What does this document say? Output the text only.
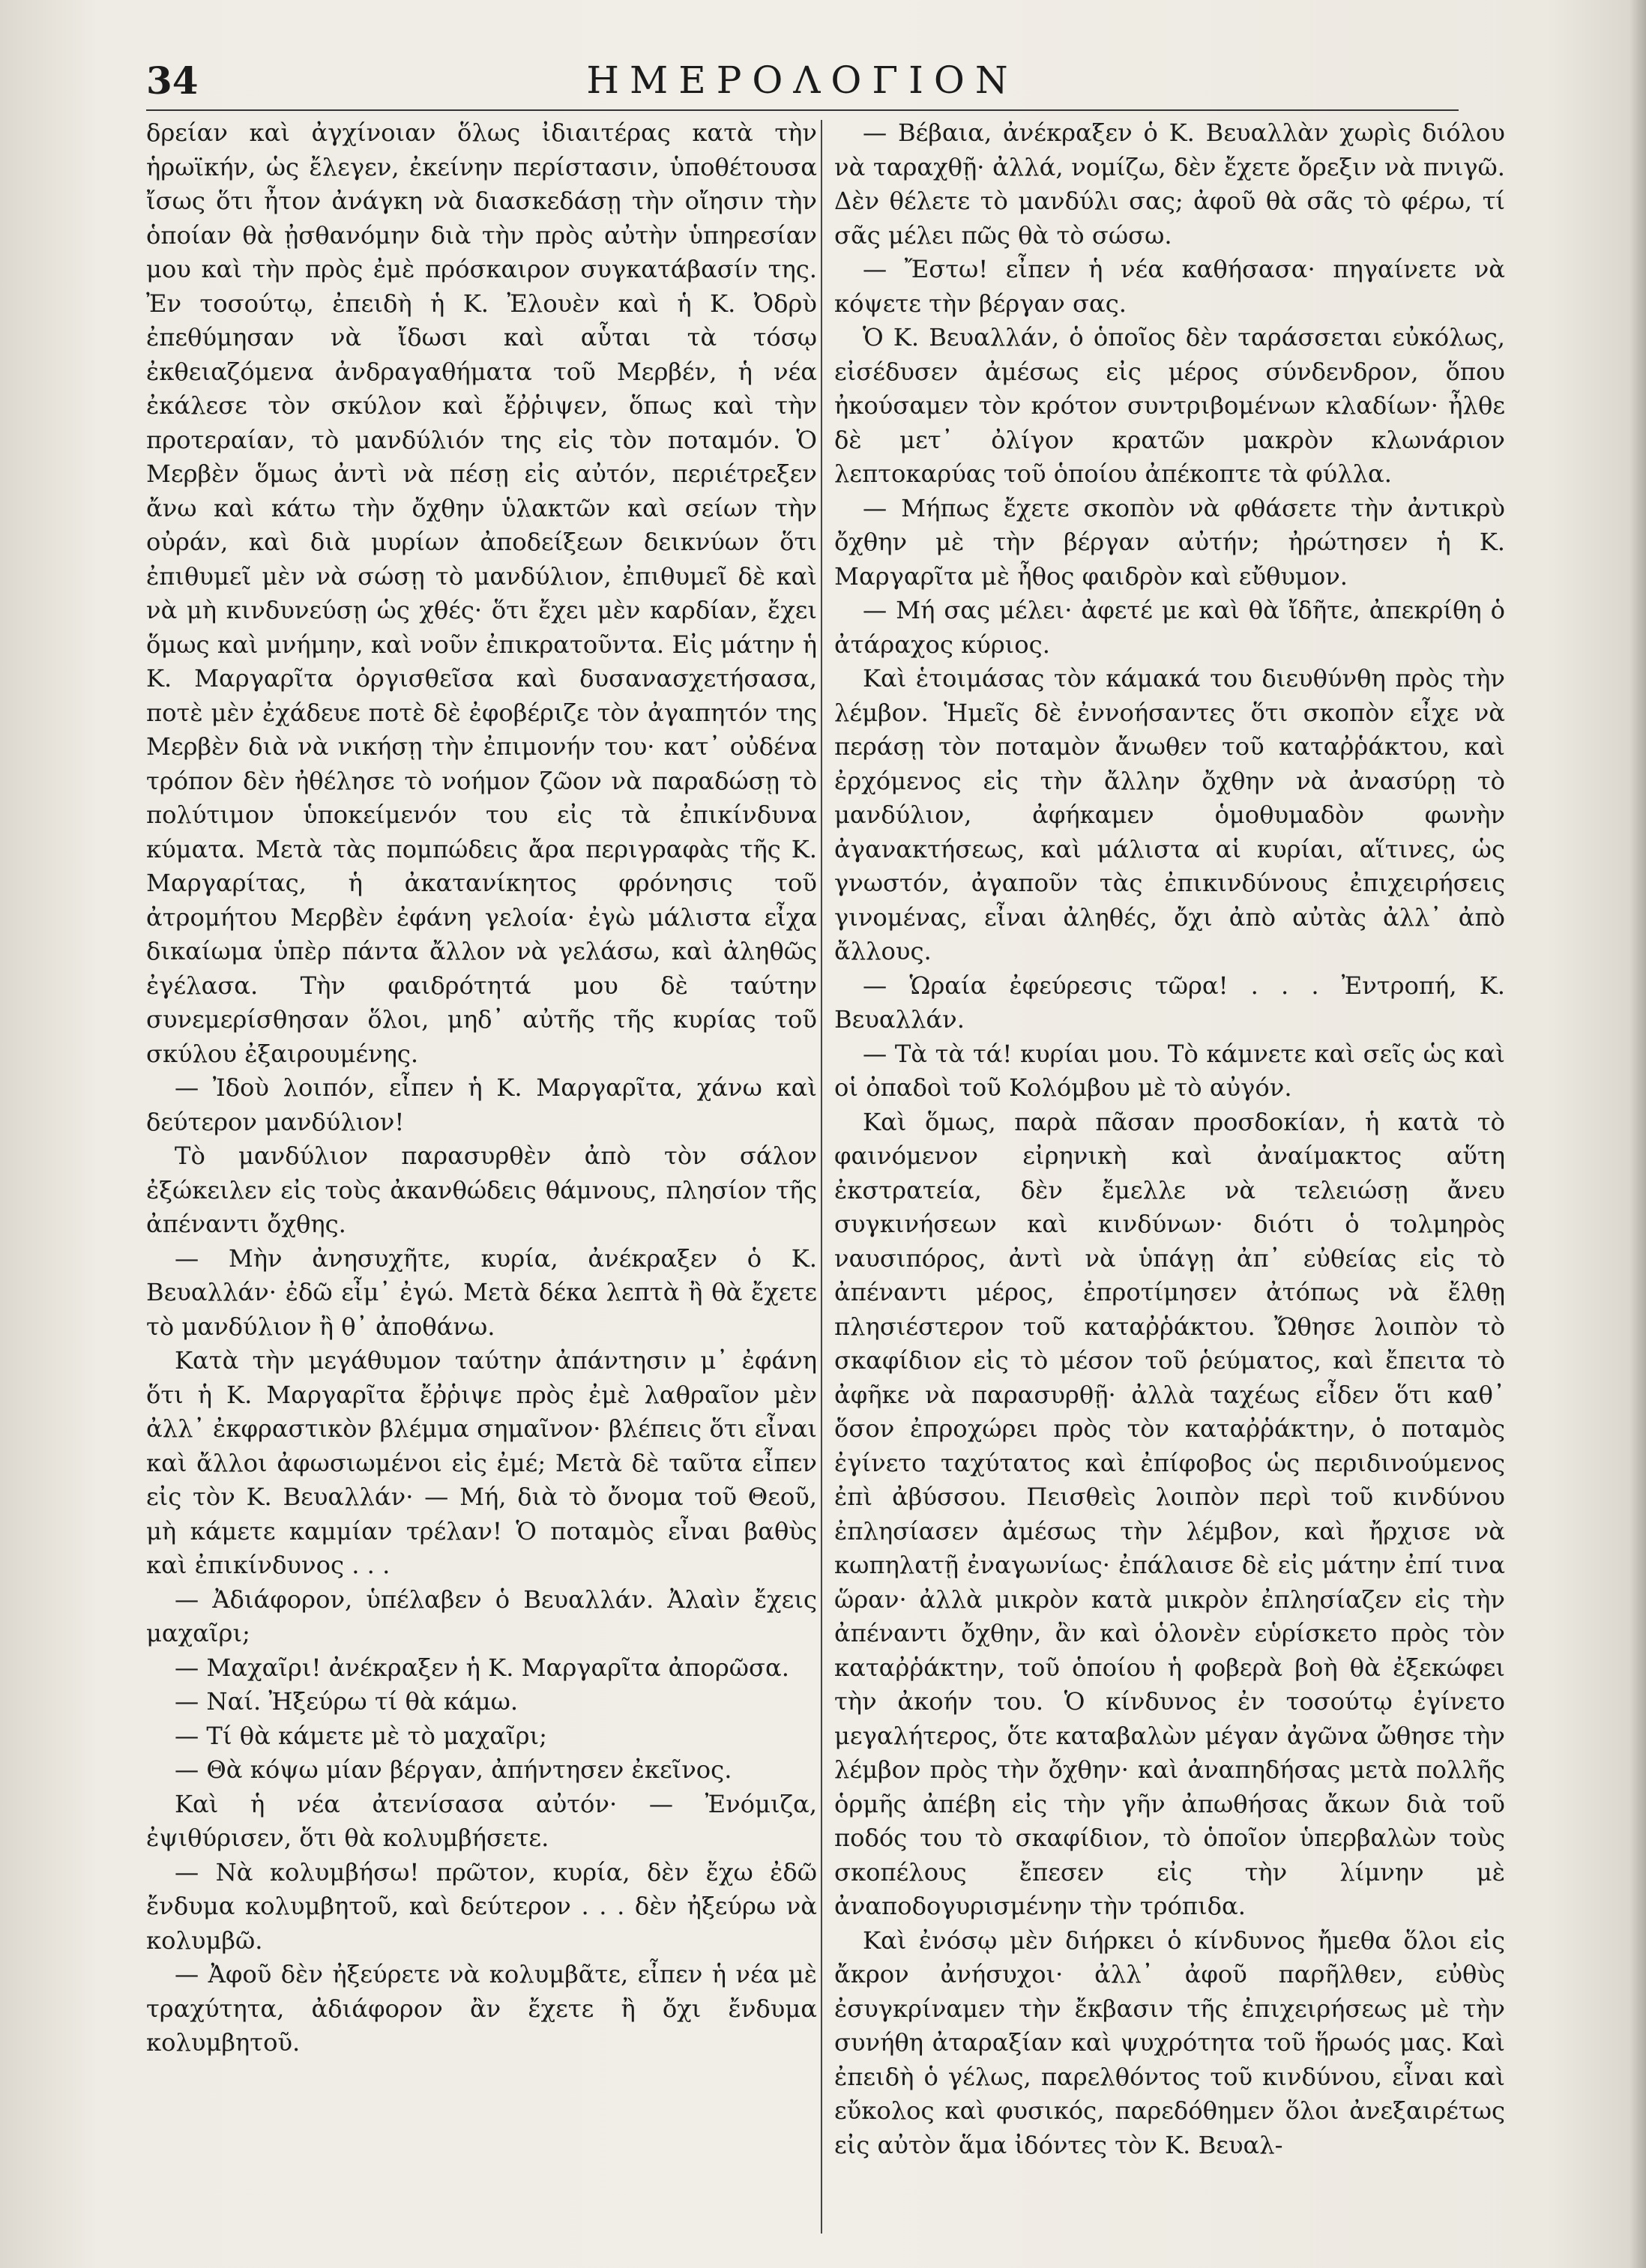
34	ΗΜΕΡΟΛΟΓΙΟΝ

δρείαν καὶ ἀγχίνοιαν ὅλως ἰδιαιτέρας κατὰ τὴν ἡρωϊκήν, ὡς ἔλεγεν, ἐκείνην περίστασιν, ὑποθέτουσα ἴσως ὅτι ἦτον ἀνάγκη νὰ διασκεδάσῃ τὴν οἴησιν τὴν ὁποίαν θὰ ᾐσθανόμην διὰ τὴν πρὸς αὐτὴν ὑπηρεσίαν μου καὶ τὴν πρὸς ἐμὲ πρόσκαιρον συγκατάβασίν της. Ἐν τοσούτῳ, ἐπειδὴ ἡ Κ. Ἐλουὲν καὶ ἡ Κ. Ὀδρὺ ἐπεθύμησαν νὰ ἴδωσι καὶ αὗται τὰ τόσῳ ἐκθειαζόμενα ἀνδραγαθήματα τοῦ Μερβέν, ἡ νέα ἐκάλεσε τὸν σκύλον καὶ ἔῤῥιψεν, ὅπως καὶ τὴν προτεραίαν, τὸ μανδύλιόν της εἰς τὸν ποταμόν. Ὁ Μερβὲν ὅμως ἀντὶ νὰ πέσῃ εἰς αὐτόν, περιέτρεξεν ἄνω καὶ κάτω τὴν ὄχθην ὑλακτῶν καὶ σείων τὴν οὐράν, καὶ διὰ μυρίων ἀποδείξεων δεικνύων ὅτι ἐπιθυμεῖ μὲν νὰ σώσῃ τὸ μανδύλιον, ἐπιθυμεῖ δὲ καὶ νὰ μὴ κινδυνεύσῃ ὡς χθές· ὅτι ἔχει μὲν καρδίαν, ἔχει ὅμως καὶ μνήμην, καὶ νοῦν ἐπικρατοῦντα. Εἰς μάτην ἡ Κ. Μαργαρῖτα ὀργισθεῖσα καὶ δυσανασχετήσασα, ποτὲ μὲν ἐχάδευε ποτὲ δὲ ἐφοβέριζε τὸν ἀγαπητόν της Μερβὲν διὰ νὰ νικήσῃ τὴν ἐπιμονήν του· κατ᾽ οὐδένα τρόπον δὲν ἠθέλησε τὸ νοήμον ζῶον νὰ παραδώσῃ τὸ πολύτιμον ὑποκείμενόν του εἰς τὰ ἐπικίνδυνα κύματα. Μετὰ τὰς πομπώδεις ἄρα περιγραφὰς τῆς Κ. Μαργαρίτας, ἡ ἀκατανίκητος φρόνησις τοῦ ἀτρομήτου Μερβὲν ἐφάνη γελοία· ἐγὼ μάλιστα εἶχα δικαίωμα ὑπὲρ πάντα ἄλλον νὰ γελάσω, καὶ ἀληθῶς ἐγέλασα. Τὴν φαιδρότητά μου δὲ ταύτην συνεμερίσθησαν ὅλοι, μηδ᾽ αὐτῆς τῆς κυρίας τοῦ σκύλου ἐξαιρουμένης.

— Ἰδοὺ λοιπόν, εἶπεν ἡ Κ. Μαργαρῖτα, χάνω καὶ δεύτερον μανδύλιον!

Τὸ μανδύλιον παρασυρθὲν ἀπὸ τὸν σάλον ἐξώκειλεν εἰς τοὺς ἀκανθώδεις θάμνους, πλησίον τῆς ἀπέναντι ὄχθης.

— Μὴν ἀνησυχῆτε, κυρία, ἀνέκραξεν ὁ Κ. Βευαλλάν· ἐδῶ εἶμ᾽ ἐγώ. Μετὰ δέκα λεπτὰ ἢ θὰ ἔχετε τὸ μανδύλιον ἢ θ᾽ ἀποθάνω.

Κατὰ τὴν μεγάθυμον ταύτην ἀπάντησιν μ᾽ ἐφάνη ὅτι ἡ Κ. Μαργαρῖτα ἔῤῥιψε πρὸς ἐμὲ λαθραῖον μὲν ἀλλ᾽ ἐκφραστικὸν βλέμμα σημαῖνον· βλέπεις ὅτι εἶναι καὶ ἄλλοι ἀφωσιωμένοι εἰς ἐμέ; Μετὰ δὲ ταῦτα εἶπεν εἰς τὸν Κ. Βευαλλάν· — Μή, διὰ τὸ ὄνομα τοῦ Θεοῦ, μὴ κάμετε καμμίαν τρέλαν! Ὁ ποταμὸς εἶναι βαθὺς καὶ ἐπικίνδυνος . . .

— Ἀδιάφορον, ὑπέλαβεν ὁ Βευαλλάν. Ἀλαὶν ἔχεις μαχαῖρι;

— Μαχαῖρι! ἀνέκραξεν ἡ Κ. Μαργαρῖτα ἀπορῶσα.

— Ναί. Ἠξεύρω τί θὰ κάμω.

— Τί θὰ κάμετε μὲ τὸ μαχαῖρι;

— Θὰ κόψω μίαν βέργαν, ἀπήντησεν ἐκεῖνος.

Καὶ ἡ νέα ἀτενίσασα αὐτόν· — Ἐνόμιζα, ἐψιθύρισεν, ὅτι θὰ κολυμβήσετε.

— Νὰ κολυμβήσω! πρῶτον, κυρία, δὲν ἔχω ἐδῶ ἔνδυμα κολυμβητοῦ, καὶ δεύτερον . . . δὲν ἠξεύρω νὰ κολυμβῶ.

— Ἀφοῦ δὲν ἠξεύρετε νὰ κολυμβᾶτε, εἶπεν ἡ νέα μὲ τραχύτητα, ἀδιάφορον ἂν ἔχετε ἢ ὄχι ἔνδυμα κολυμβητοῦ.

— Βέβαια, ἀνέκραξεν ὁ Κ. Βευαλλὰν χωρὶς διόλου νὰ ταραχθῇ· ἀλλά, νομίζω, δὲν ἔχετε ὄρεξιν νὰ πνιγῶ. Δὲν θέλετε τὸ μανδύλι σας; ἀφοῦ θὰ σᾶς τὸ φέρω, τί σᾶς μέλει πῶς θὰ τὸ σώσω.

— Ἔστω! εἶπεν ἡ νέα καθήσασα· πηγαίνετε νὰ κόψετε τὴν βέργαν σας.

Ὁ Κ. Βευαλλάν, ὁ ὁποῖος δὲν ταράσσεται εὐκόλως, εἰσέδυσεν ἀμέσως εἰς μέρος σύνδενδρον, ὅπου ἠκούσαμεν τὸν κρότον συντριβομένων κλαδίων· ἦλθε δὲ μετ᾽ ὀλίγον κρατῶν μακρὸν κλωνάριον λεπτοκαρύας τοῦ ὁποίου ἀπέκοπτε τὰ φύλλα.

— Μήπως ἔχετε σκοπὸν νὰ φθάσετε τὴν ἀντικρὺ ὄχθην μὲ τὴν βέργαν αὐτήν; ἠρώτησεν ἡ Κ. Μαργαρῖτα μὲ ἦθος φαιδρὸν καὶ εὔθυμον.

— Μή σας μέλει· ἀφετέ με καὶ θὰ ἴδῆτε, ἀπεκρίθη ὁ ἀτάραχος κύριος.

Καὶ ἑτοιμάσας τὸν κάμακά του διευθύνθη πρὸς τὴν λέμβον. Ἡμεῖς δὲ ἐννοήσαντες ὅτι σκοπὸν εἶχε νὰ περάσῃ τὸν ποταμὸν ἄνωθεν τοῦ καταῤῥάκτου, καὶ ἐρχόμενος εἰς τὴν ἄλλην ὄχθην νὰ ἀνασύρῃ τὸ μανδύλιον, ἀφήκαμεν ὁμοθυμαδὸν φωνὴν ἀγανακτήσεως, καὶ μάλιστα αἱ κυρίαι, αἵτινες, ὡς γνωστόν, ἀγαποῦν τὰς ἐπικινδύνους ἐπιχειρήσεις γινομένας, εἶναι ἀληθές, ὄχι ἀπὸ αὐτὰς ἀλλ᾽ ἀπὸ ἄλλους.

— Ὡραία ἐφεύρεσις τῶρα! . . . Ἐντροπή, Κ. Βευαλλάν.

— Τὰ τὰ τά! κυρίαι μου. Τὸ κάμνετε καὶ σεῖς ὡς καὶ οἱ ὀπαδοὶ τοῦ Κολόμβου μὲ τὸ αὐγόν.

Καὶ ὅμως, παρὰ πᾶσαν προσδοκίαν, ἡ κατὰ τὸ φαινόμενον εἰρηνικὴ καὶ ἀναίμακτος αὕτη ἐκστρατεία, δὲν ἔμελλε νὰ τελειώσῃ ἄνευ συγκινήσεων καὶ κινδύνων· διότι ὁ τολμηρὸς ναυσιπόρος, ἀντὶ νὰ ὑπάγῃ ἀπ᾽ εὐθείας εἰς τὸ ἀπέναντι μέρος, ἐπροτίμησεν ἀτόπως νὰ ἔλθῃ πλησιέστερον τοῦ καταῤῥάκτου. Ὤθησε λοιπὸν τὸ σκαφίδιον εἰς τὸ μέσον τοῦ ῥεύματος, καὶ ἔπειτα τὸ ἀφῆκε νὰ παρασυρθῇ· ἀλλὰ ταχέως εἶδεν ὅτι καθ᾽ ὅσον ἐπροχώρει πρὸς τὸν καταῤῥάκτην, ὁ ποταμὸς ἐγίνετο ταχύτατος καὶ ἐπίφοβος ὡς περιδινούμενος ἐπὶ ἀβύσσου. Πεισθεὶς λοιπὸν περὶ τοῦ κινδύνου ἐπλησίασεν ἀμέσως τὴν λέμβον, καὶ ἤρχισε νὰ κωπηλατῇ ἐναγωνίως· ἐπάλαισε δὲ εἰς μάτην ἐπί τινα ὥραν· ἀλλὰ μικρὸν κατὰ μικρὸν ἐπλησίαζεν εἰς τὴν ἀπέναντι ὄχθην, ἂν καὶ ὁλονὲν εὑρίσκετο πρὸς τὸν καταῤῥάκτην, τοῦ ὁποίου ἡ φοβερὰ βοὴ θὰ ἐξεκώφει τὴν ἀκοήν του. Ὁ κίνδυνος ἐν τοσούτῳ ἐγίνετο μεγαλήτερος, ὅτε καταβαλὼν μέγαν ἀγῶνα ὤθησε τὴν λέμβον πρὸς τὴν ὄχθην· καὶ ἀναπηδήσας μετὰ πολλῆς ὁρμῆς ἀπέβη εἰς τὴν γῆν ἀπωθήσας ἄκων διὰ τοῦ ποδός του τὸ σκαφίδιον, τὸ ὁποῖον ὑπερβαλὼν τοὺς σκοπέλους ἔπεσεν εἰς τὴν λίμνην μὲ ἀναποδογυρισμένην τὴν τρόπιδα.

Καὶ ἐνόσῳ μὲν διήρκει ὁ κίνδυνος ἤμεθα ὅλοι εἰς ἄκρον ἀνήσυχοι· ἀλλ᾽ ἀφοῦ παρῆλθεν, εὐθὺς ἐσυγκρίναμεν τὴν ἔκβασιν τῆς ἐπιχειρήσεως μὲ τὴν συνήθη ἀταραξίαν καὶ ψυχρότητα τοῦ ἥρωός μας. Καὶ ἐπειδὴ ὁ γέλως, παρελθόντος τοῦ κινδύνου, εἶναι καὶ εὔκολος καὶ φυσικός, παρεδόθημεν ὅλοι ἀνεξαιρέτως εἰς αὐτὸν ἅμα ἰδόντες τὸν Κ. Βευαλ-
